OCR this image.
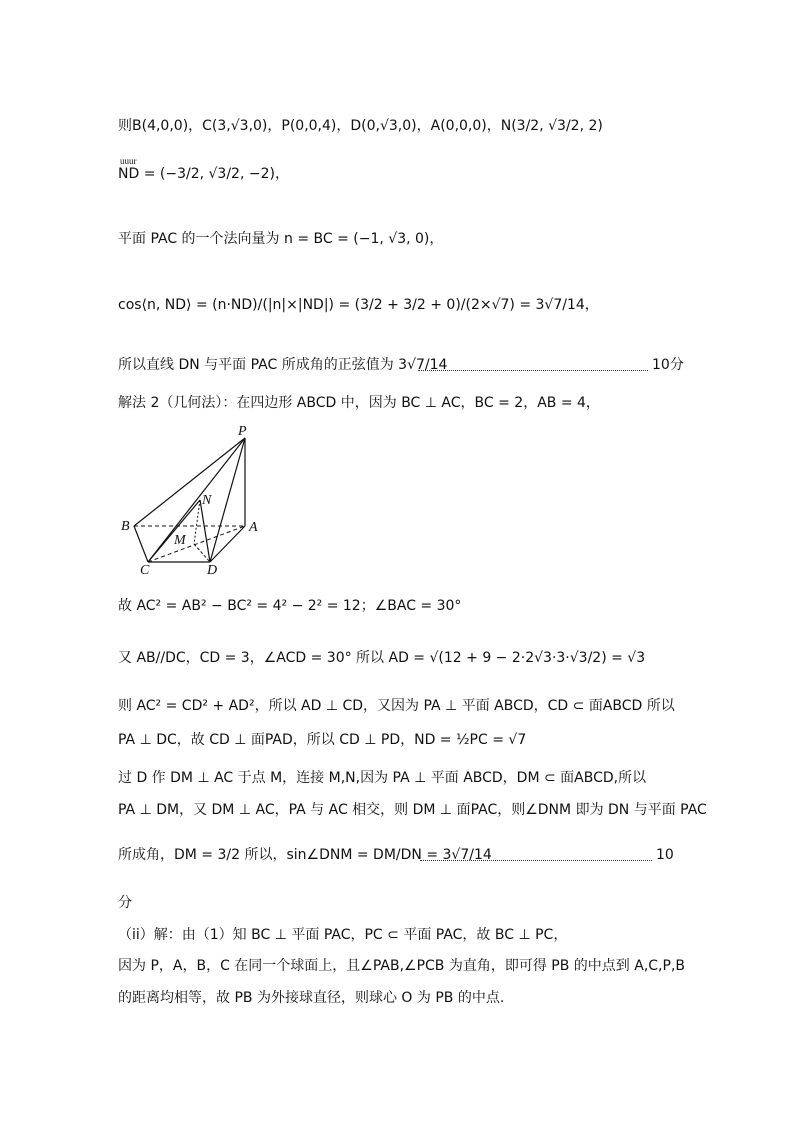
则B(4,0,0)，C(3,√3,0)，P(0,0,4)，D(0,√3,0)，A(0,0,0)，N(3/2, √3/2, 2)
uuur
ND = (−3/2, √3/2, −2)，
平面 PAC 的一个法向量为 n = BC = (−1, √3, 0)，
cos⟨n, ND⟩ = (n·ND)/(|n|×|ND|) = (3/2 + 3/2 + 0)/(2×√7) = 3√7/14，
所以直线 DN 与平面 PAC 所成角的正弦值为 3√7/14	10分
解法 2（几何法）：在四边形 ABCD 中，因为 BC ⊥ AC，BC = 2，AB = 4，
P
N
B	A
M
C	D
故 AC² = AB² − BC² = 4² − 2² = 12；∠BAC = 30°
又 AB//DC，CD = 3，∠ACD = 30° 所以 AD = √(12 + 9 − 2·2√3·3·√3/2) = √3
则 AC² = CD² + AD²，所以 AD ⊥ CD，又因为 PA ⊥ 平面 ABCD，CD ⊂ 面ABCD 所以
PA ⊥ DC，故 CD ⊥ 面PAD，所以 CD ⊥ PD，ND = ½PC = √7
过 D 作 DM ⊥ AC 于点 M，连接 M,N,因为 PA ⊥ 平面 ABCD，DM ⊂ 面ABCD,所以
PA ⊥ DM，又 DM ⊥ AC，PA 与 AC 相交，则 DM ⊥ 面PAC，则∠DNM 即为 DN 与平面 PAC
所成角，DM = 3/2 所以，sin∠DNM = DM/DN = 3√7/14	10
分
（ii）解：由（1）知 BC ⊥ 平面 PAC，PC ⊂ 平面 PAC，故 BC ⊥ PC，
因为 P，A，B，C 在同一个球面上，且∠PAB,∠PCB 为直角，即可得 PB 的中点到 A,C,P,B
的距离均相等，故 PB 为外接球直径，则球心 O 为 PB 的中点.
